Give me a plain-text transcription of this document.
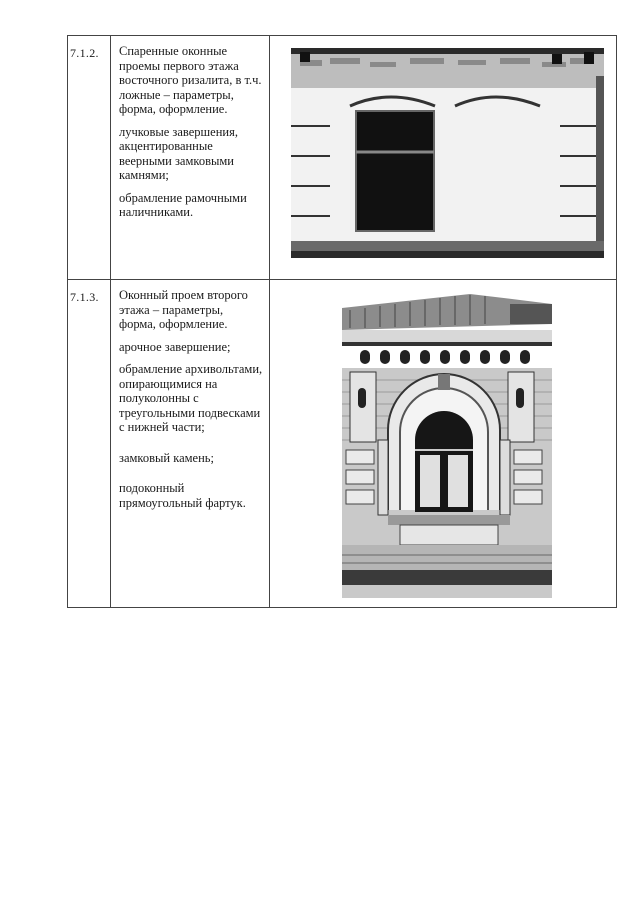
7.1.2.	Спаренные оконные проемы первого этажа восточного ризалита, в т.ч. ложные – параметры, форма, оформление.

лучковые завершения, акцентированные веерными замковыми камнями;

обрамление рамочными наличниками.

7.1.3.	Оконный проем второго этажа – параметры, форма, оформление.

арочное завершение;

обрамление архивольтами, опирающимися на полуколонны с треугольными подвесками с нижней части;

замковый камень;

подоконный прямоугольный фартук.
